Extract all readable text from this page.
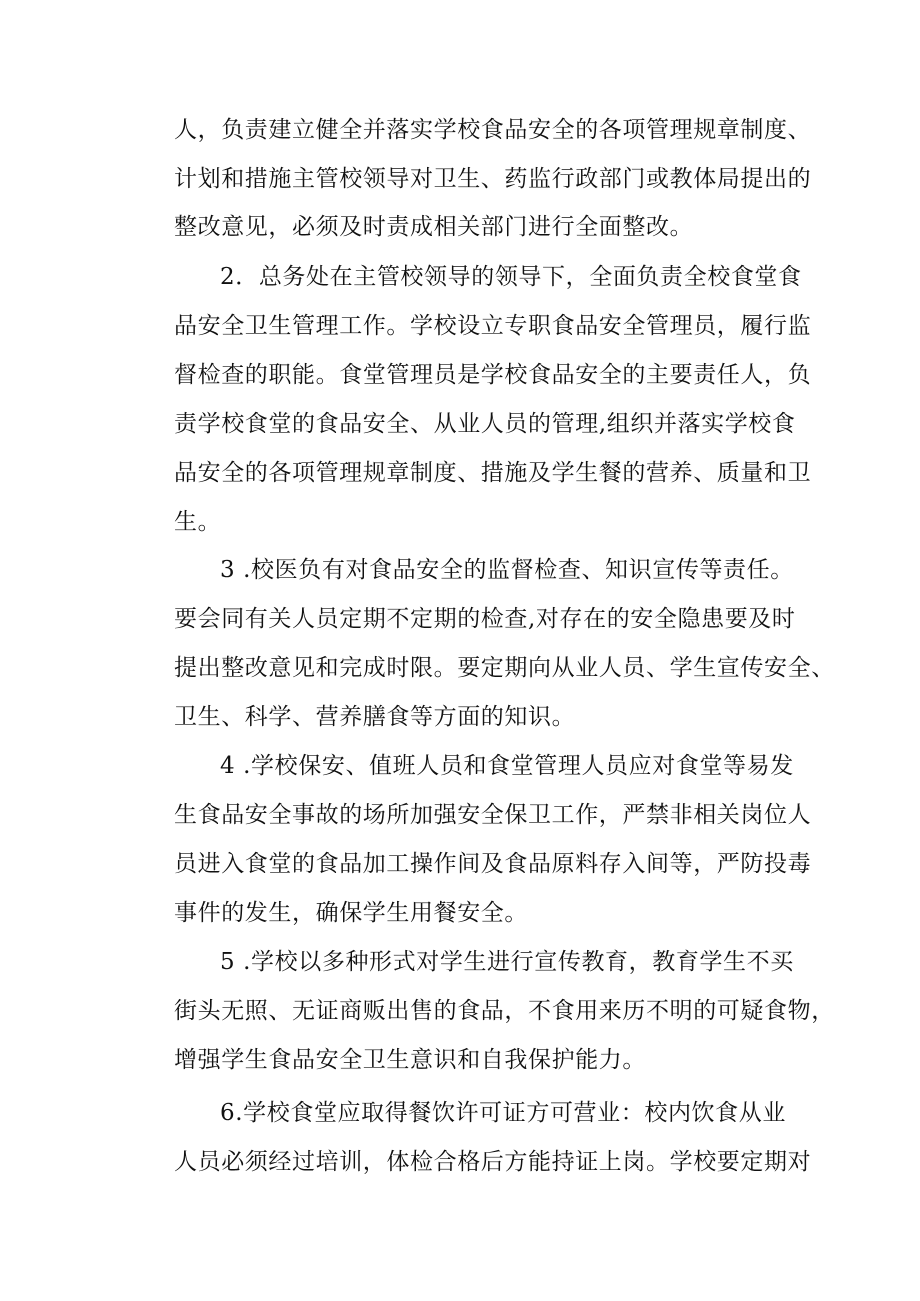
人，负责建立健全并落实学校食品安全的各项管理规章制度、
计划和措施主管校领导对卫生、药监行政部门或教体局提出的
整改意见，必须及时责成相关部门进行全面整改。
2．总务处在主管校领导的领导下，全面负责全校食堂食
品安全卫生管理工作。学校设立专职食品安全管理员，履行监
督检查的职能。食堂管理员是学校食品安全的主要责任人，负
责学校食堂的食品安全、从业人员的管理,组织并落实学校食
品安全的各项管理规章制度、措施及学生餐的营养、质量和卫
生。
3 .校医负有对食品安全的监督检查、知识宣传等责任。
要会同有关人员定期不定期的检查,对存在的安全隐患要及时
提出整改意见和完成时限。要定期向从业人员、学生宣传安全、
卫生、科学、营养膳食等方面的知识。
4 .学校保安、值班人员和食堂管理人员应对食堂等易发
生食品安全事故的场所加强安全保卫工作，严禁非相关岗位人
员进入食堂的食品加工操作间及食品原料存入间等，严防投毒
事件的发生，确保学生用餐安全。
5 .学校以多种形式对学生进行宣传教育，教育学生不买
街头无照、无证商贩出售的食品，不食用来历不明的可疑食物，
增强学生食品安全卫生意识和自我保护能力。
6.学校食堂应取得餐饮许可证方可营业：校内饮食从业
人员必须经过培训，体检合格后方能持证上岗。学校要定期对
